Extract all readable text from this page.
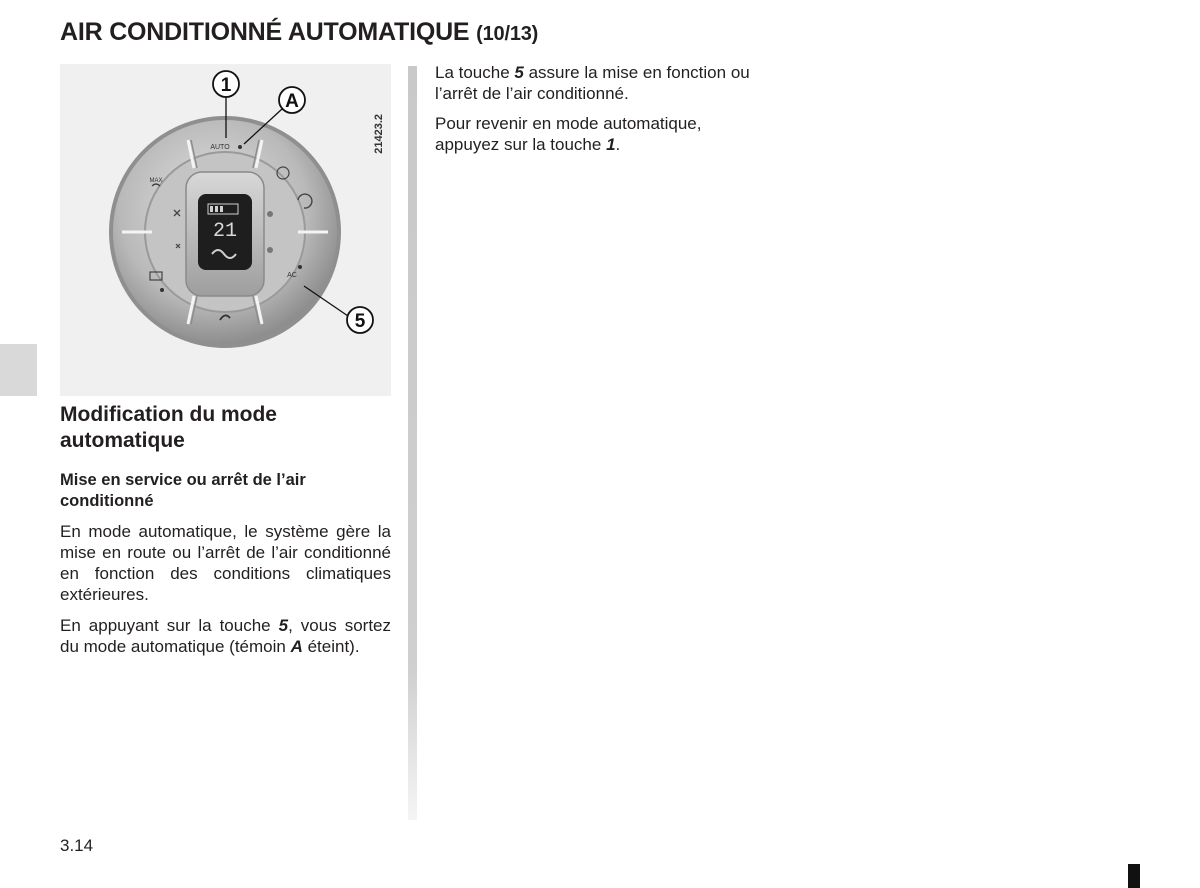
AIR CONDITIONNÉ AUTOMATIQUE (10/13)
21
AUTO
AC
MAX
21423.2
1
A
5
Modification du mode automatique
Mise en service ou arrêt de l’air conditionné

En mode automatique, le système gère la mise en route ou l’arrêt de l’air conditionné en fonction des conditions climatiques extérieures.

En appuyant sur la touche 5, vous sortez du mode automatique (témoin A éteint).

La touche 5 assure la mise en fonction ou l’arrêt de l’air conditionné.

Pour revenir en mode automatique, appuyez sur la touche 1.

3.14
